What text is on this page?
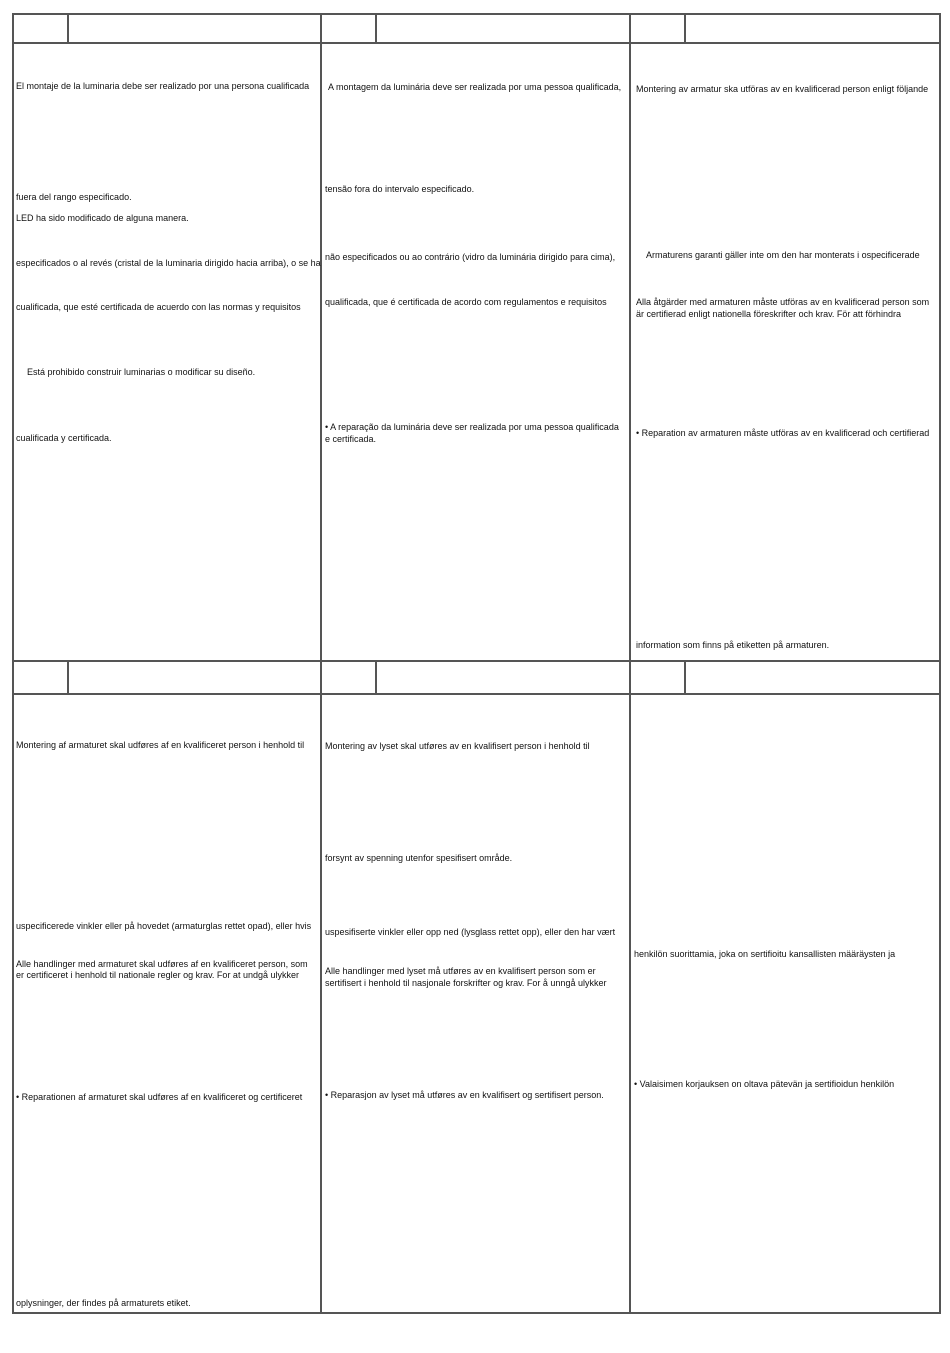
El montaje de la luminaria debe ser realizado por una persona cualificada
fuera del rango especificado.
LED ha sido modificado de alguna manera.
especificados o al revés (cristal de la luminaria dirigido hacia arriba), o se ha
cualificada, que esté certificada de acuerdo con las normas y requisitos
Está prohibido construir luminarias o modificar su diseño.
cualificada y certificada.
A montagem da luminária deve ser realizada por uma pessoa qualificada,
tensão fora do intervalo especificado.
não especificados ou ao contrário (vidro da luminária dirigido para cima),
qualificada, que é certificada de acordo com regulamentos e requisitos
• A reparação da luminária deve ser realizada por uma pessoa qualificada
e certificada.
Montering av armatur ska utföras av en kvalificerad person enligt följande
Armaturens garanti gäller inte om den har monterats i ospecificerade
Alla åtgärder med armaturen måste utföras av en kvalificerad person som
är certifierad enligt nationella föreskrifter och krav. För att förhindra
• Reparation av armaturen måste utföras av en kvalificerad och certifierad
information som ﬁnns på etiketten på armaturen.
Montering af armaturet skal udføres af en kvaliﬁceret person i henhold til
uspecificerede vinkler eller på hovedet (armaturglas rettet opad), eller hvis
Alle handlinger med armaturet skal udføres af en kvalificeret person, som
er certificeret i henhold til nationale regler og krav. For at undgå ulykker
• Reparationen af armaturet skal udføres af en kvalificeret og certificeret
oplysninger, der findes på armaturets etiket.
Montering av lyset skal utføres av en kvalifisert person i henhold til
forsynt av spenning utenfor spesifisert område.
uspesifiserte vinkler eller opp ned (lysglass rettet opp), eller den har vært
Alle handlinger med lyset må utføres av en kvalifisert person som er
sertifisert i henhold til nasjonale forskrifter og krav. For å unngå ulykker
• Reparasjon av lyset må utføres av en kvaliﬁsert og sertifisert person.
henkilön suorittamia, joka on sertifioitu kansallisten määräysten ja
• Valaisimen korjauksen on oltava pätevän ja sertifioidun henkilön
